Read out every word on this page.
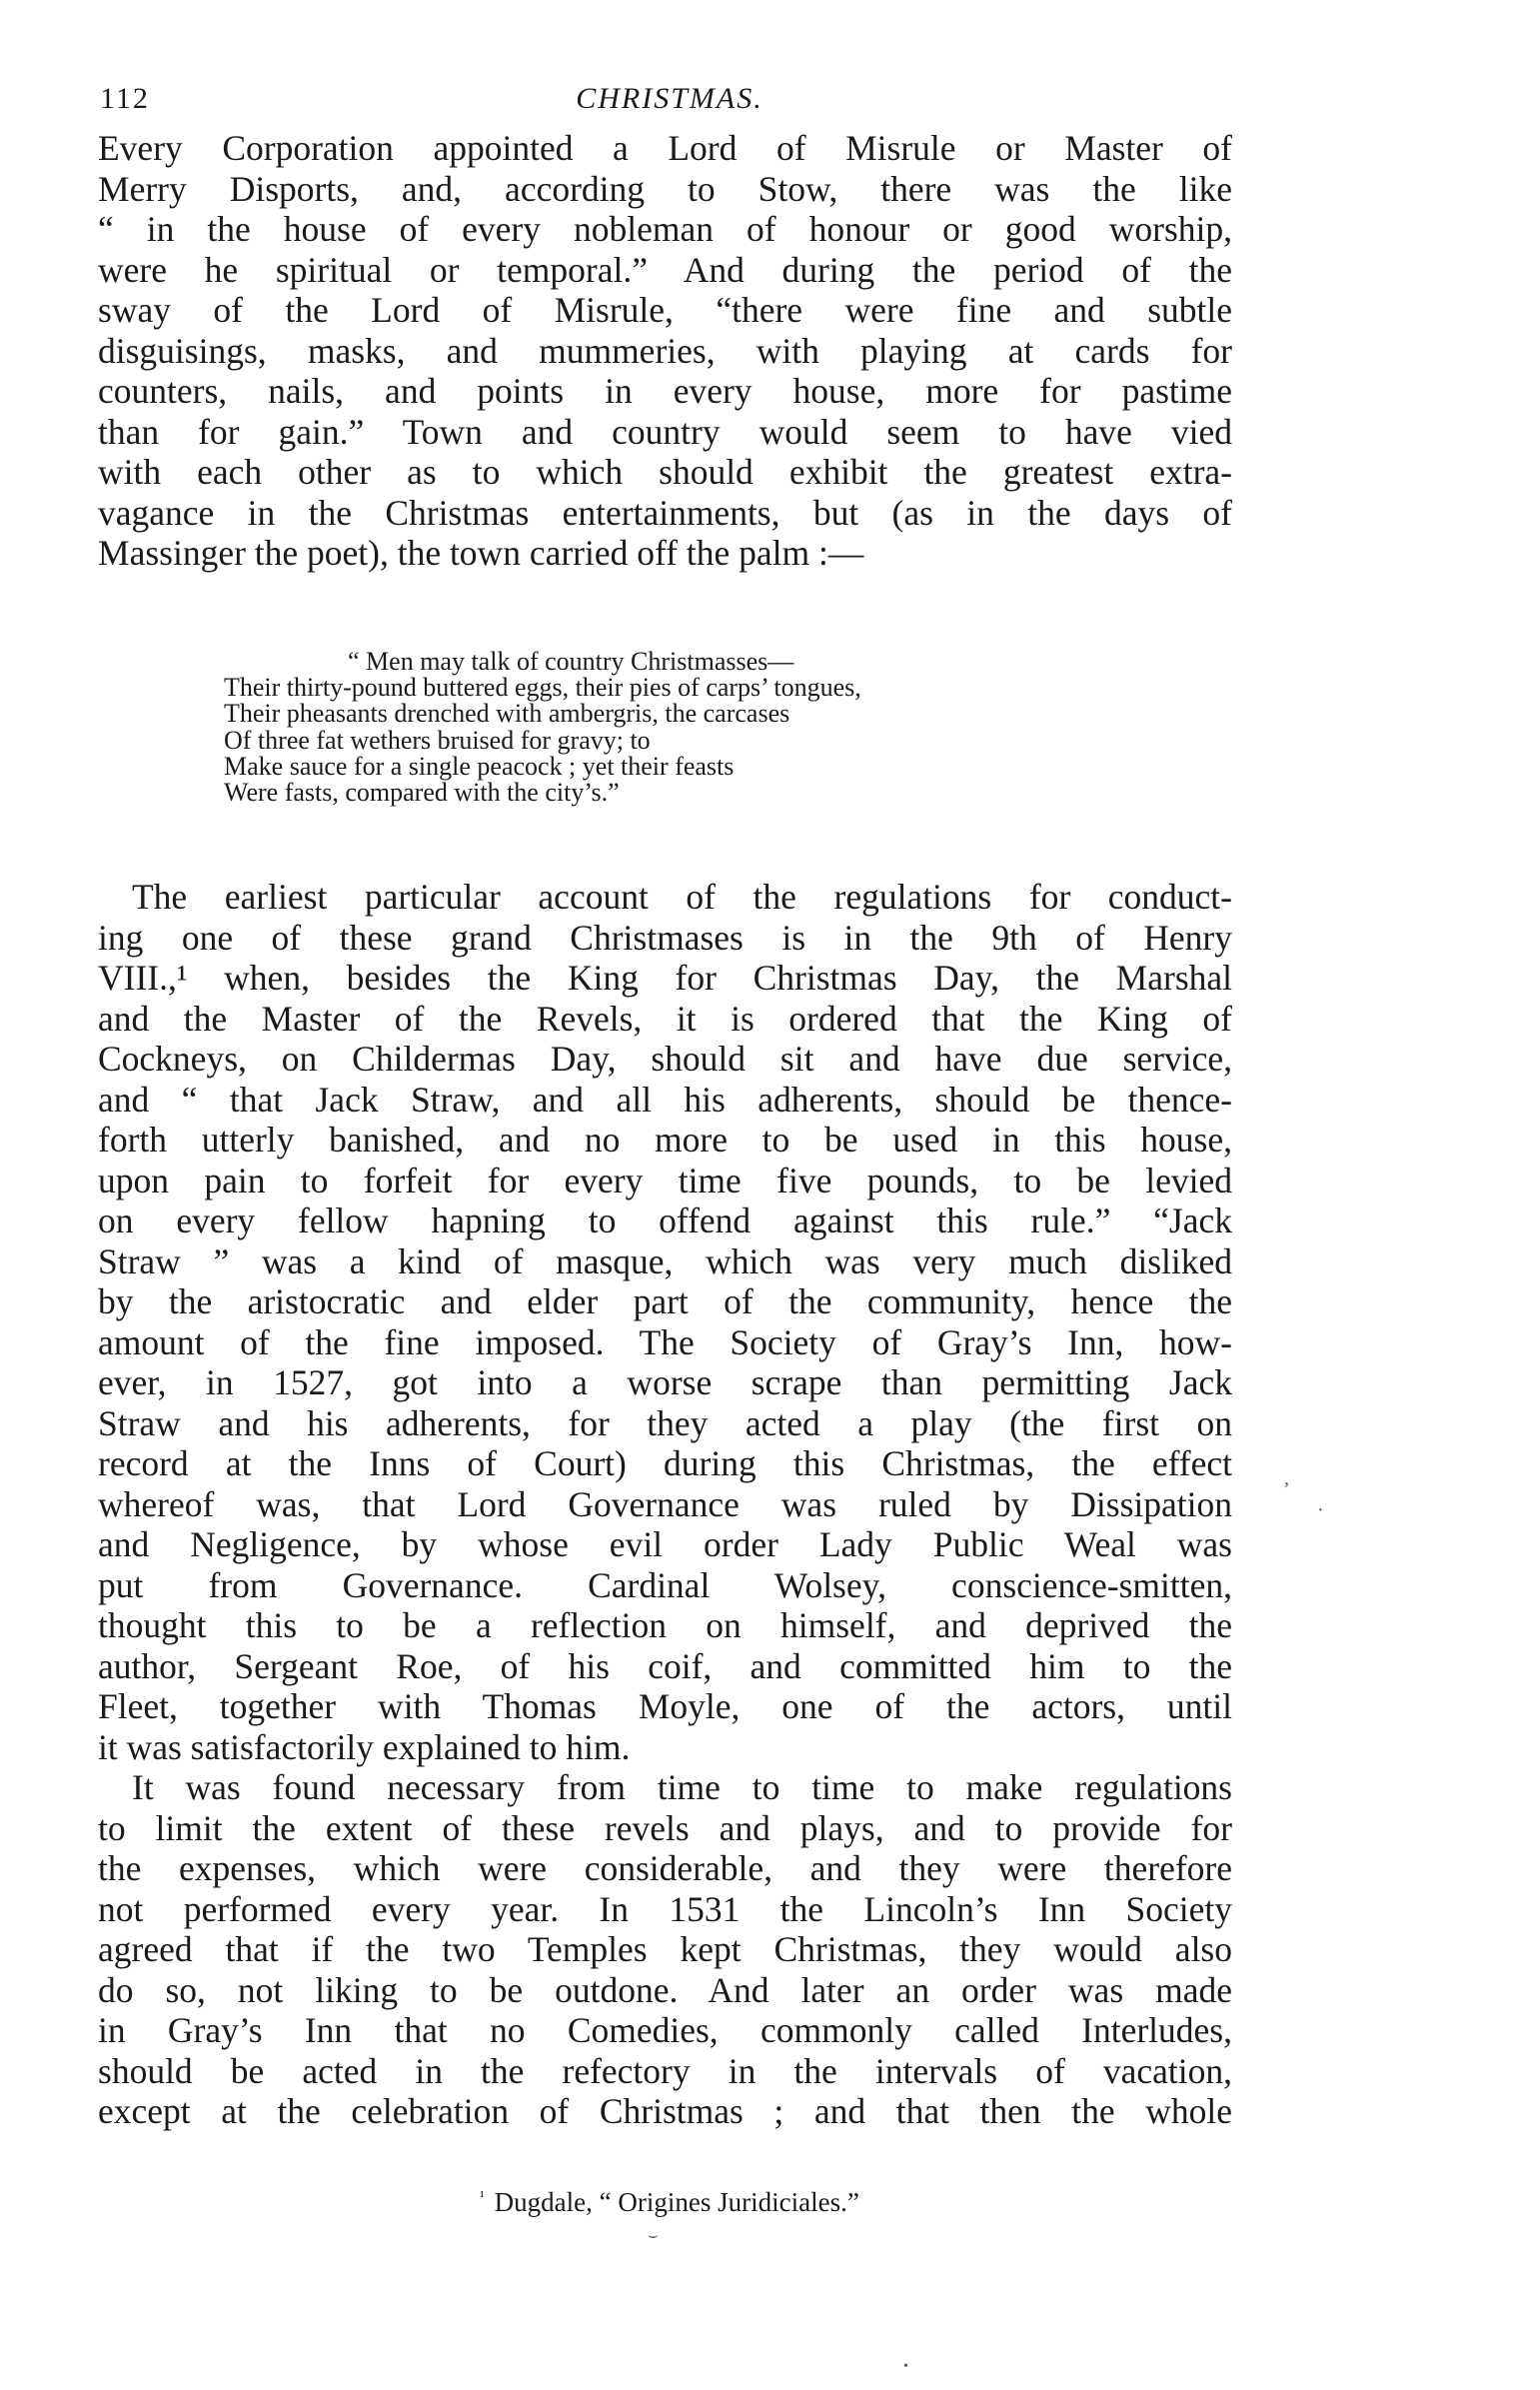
112	CHRISTMAS.
Every Corporation appointed a Lord of Misrule or Master of
Merry Disports, and, according to Stow, there was the like
“ in the house of every nobleman of honour or good worship,
were he spiritual or temporal.” And during the period of the
sway of the Lord of Misrule, “there were fine and subtle
disguisings, masks, and mummeries, with playing at cards for
counters, nails, and points in every house, more for pastime
than for gain.” Town and country would seem to have vied
with each other as to which should exhibit the greatest extra-
vagance in the Christmas entertainments, but (as in the days of
Massinger the poet), the town carried off the palm :—
“ Men may talk of country Christmasses—
Their thirty-pound buttered eggs, their pies of carps’ tongues,
Their pheasants drenched with ambergris, the carcases
Of three fat wethers bruised for gravy; to
Make sauce for a single peacock ; yet their feasts
Were fasts, compared with the city’s.”
The earliest particular account of the regulations for conduct-
ing one of these grand Christmases is in the 9th of Henry
VIII.,¹ when, besides the King for Christmas Day, the Marshal
and the Master of the Revels, it is ordered that the King of
Cockneys, on Childermas Day, should sit and have due service,
and “ that Jack Straw, and all his adherents, should be thence-
forth utterly banished, and no more to be used in this house,
upon pain to forfeit for every time five pounds, to be levied
on every fellow hapning to offend against this rule.” “Jack
Straw ” was a kind of masque, which was very much disliked
by the aristocratic and elder part of the community, hence the
amount of the fine imposed. The Society of Gray’s Inn, how-
ever, in 1527, got into a worse scrape than permitting Jack
Straw and his adherents, for they acted a play (the first on
record at the Inns of Court) during this Christmas, the effect
whereof was, that Lord Governance was ruled by Dissipation
and Negligence, by whose evil order Lady Public Weal was
put from Governance. Cardinal Wolsey, conscience-smitten,
thought this to be a reflection on himself, and deprived the
author, Sergeant Roe, of his coif, and committed him to the
Fleet, together with Thomas Moyle, one of the actors, until
it was satisfactorily explained to him.
It was found necessary from time to time to make regulations
to limit the extent of these revels and plays, and to provide for
the expenses, which were considerable, and they were therefore
not performed every year. In 1531 the Lincoln’s Inn Society
agreed that if the two Temples kept Christmas, they would also
do so, not liking to be outdone. And later an order was made
in Gray’s Inn that no Comedies, commonly called Interludes,
should be acted in the refectory in the intervals of vacation,
except at the celebration of Christmas ; and that then the whole
$^{^1}$ Dugdale, “ Origines Juridiciales.”
,
·
⌣
•
